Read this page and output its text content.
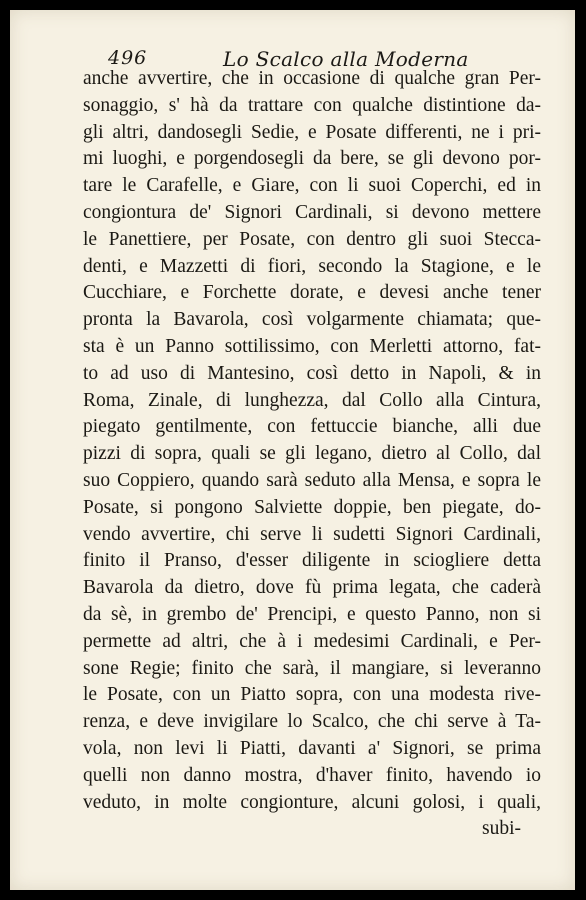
496	Lo Scalco alla Moderna
anche avvertire, che in occasione di qualche gran Per-
sonaggio, s' hà da trattare con qualche distintione da-
gli altri, dandosegli Sedie, e Posate differenti, ne i pri-
mi luoghi, e porgendosegli da bere, se gli devono por-
tare le Carafelle, e Giare, con li suoi Coperchi, ed in
congiontura de' Signori Cardinali, si devono mettere
le Panettiere, per Posate, con dentro gli suoi Stecca-
denti, e Mazzetti di fiori, secondo la Stagione, e le
Cucchiare, e Forchette dorate, e devesi anche tener
pronta la Bavarola, così volgarmente chiamata; que-
sta è un Panno sottilissimo, con Merletti attorno, fat-
to ad uso di Mantesino, così detto in Napoli, & in
Roma, Zinale, di lunghezza, dal Collo alla Cintura,
piegato gentilmente, con fettuccie bianche, alli due
pizzi di sopra, quali se gli legano, dietro al Collo, dal
suo Coppiero, quando sarà seduto alla Mensa, e sopra le
Posate, si pongono Salviette doppie, ben piegate, do-
vendo avvertire, chi serve li sudetti Signori Cardinali,
finito il Pranso, d'esser diligente in sciogliere detta
Bavarola da dietro, dove fù prima legata, che caderà
da sè, in grembo de' Prencipi, e questo Panno, non si
permette ad altri, che à i medesimi Cardinali, e Per-
sone Regie; finito che sarà, il mangiare, si leveranno
le Posate, con un Piatto sopra, con una modesta rive-
renza, e deve invigilare lo Scalco, che chi serve à Ta-
vola, non levi li Piatti, davanti a' Signori, se prima
quelli non danno mostra, d'haver finito, havendo io
veduto, in molte congionture, alcuni golosi, i quali,
subi-
